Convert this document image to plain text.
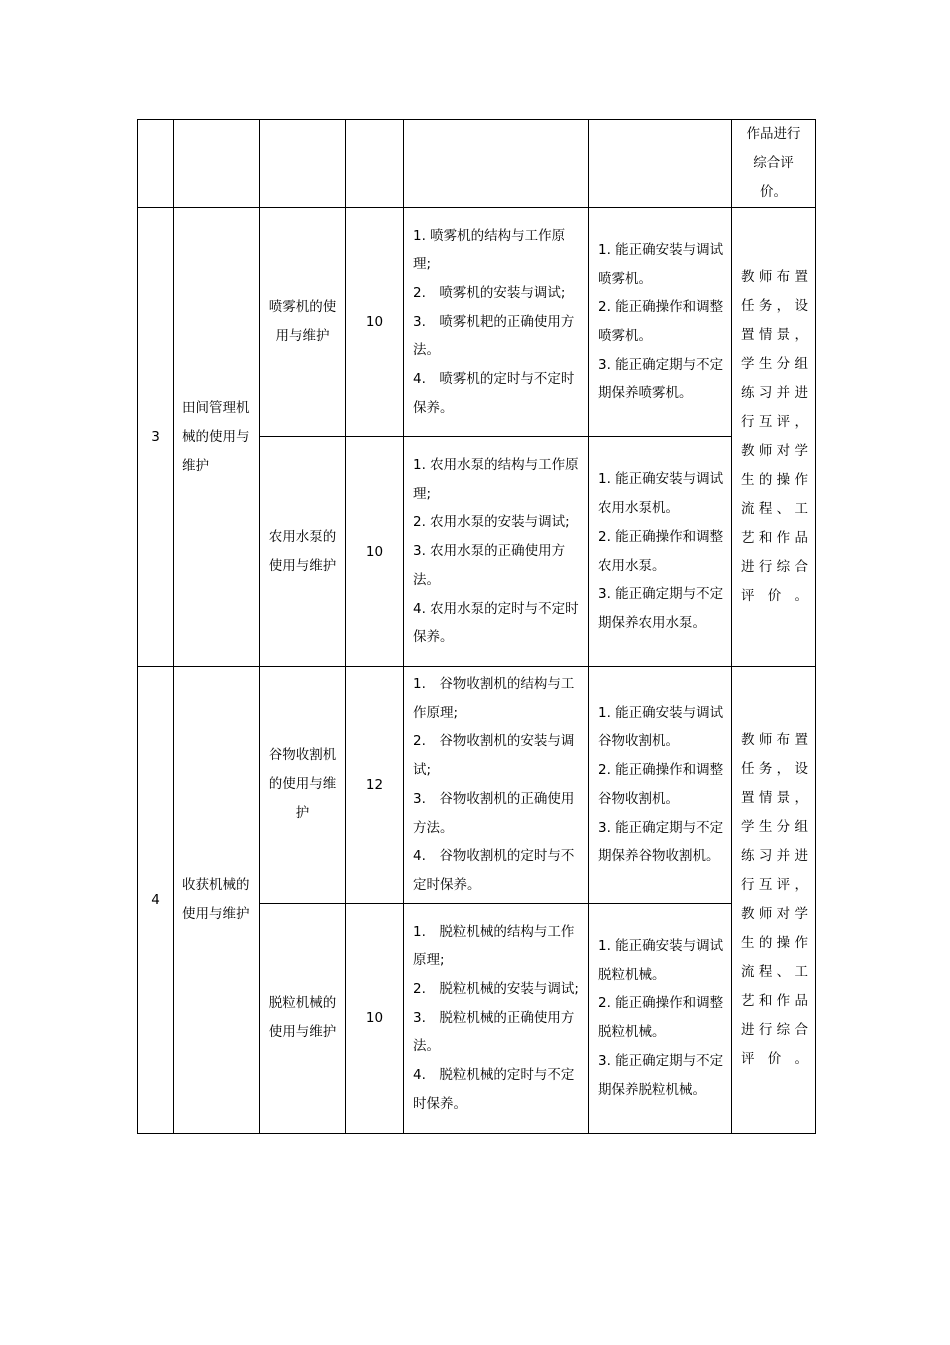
						作品进行综合评价。

3	田间管理机械的使用与维护	喷雾机的使用与维护	10	1. 喷雾机的结构与工作原理;
2.　喷雾机的安装与调试;
3.　喷雾机耙的正确使用方法。
4.　喷雾机的定时与不定时保养。	1. 能正确安装与调试喷雾机。
2. 能正确操作和调整喷雾机。
3. 能正确定期与不定期保养喷雾机。	教师布置任务，设置情景，学生分组练习并进行互评，教师对学生的操作流程、工艺和作品进行综合评价。

		农用水泵的使用与维护	10	1. 农用水泵的结构与工作原理;
2. 农用水泵的安装与调试;
3. 农用水泵的正确使用方法。
4. 农用水泵的定时与不定时保养。	1. 能正确安装与调试农用水泵机。
2. 能正确操作和调整农用水泵。
3. 能正确定期与不定期保养农用水泵。	

4	收获机械的使用与维护	谷物收割机的使用与维护	12	1.　谷物收割机的结构与工作原理;
2.　谷物收割机的安装与调试;
3.　谷物收割机的正确使用方法。
4.　谷物收割机的定时与不定时保养。	1. 能正确安装与调试谷物收割机。
2. 能正确操作和调整谷物收割机。
3. 能正确定期与不定期保养谷物收割机。	教师布置任务，设置情景，学生分组练习并进行互评，教师对学生的操作流程、工艺和作品进行综合评价。

		脱粒机械的使用与维护	10	1.　脱粒机械的结构与工作原理;
2.　脱粒机械的安装与调试;
3.　脱粒机械的正确使用方法。
4.　脱粒机械的定时与不定时保养。	1. 能正确安装与调试脱粒机械。
2. 能正确操作和调整脱粒机械。
3. 能正确定期与不定期保养脱粒机械。	
